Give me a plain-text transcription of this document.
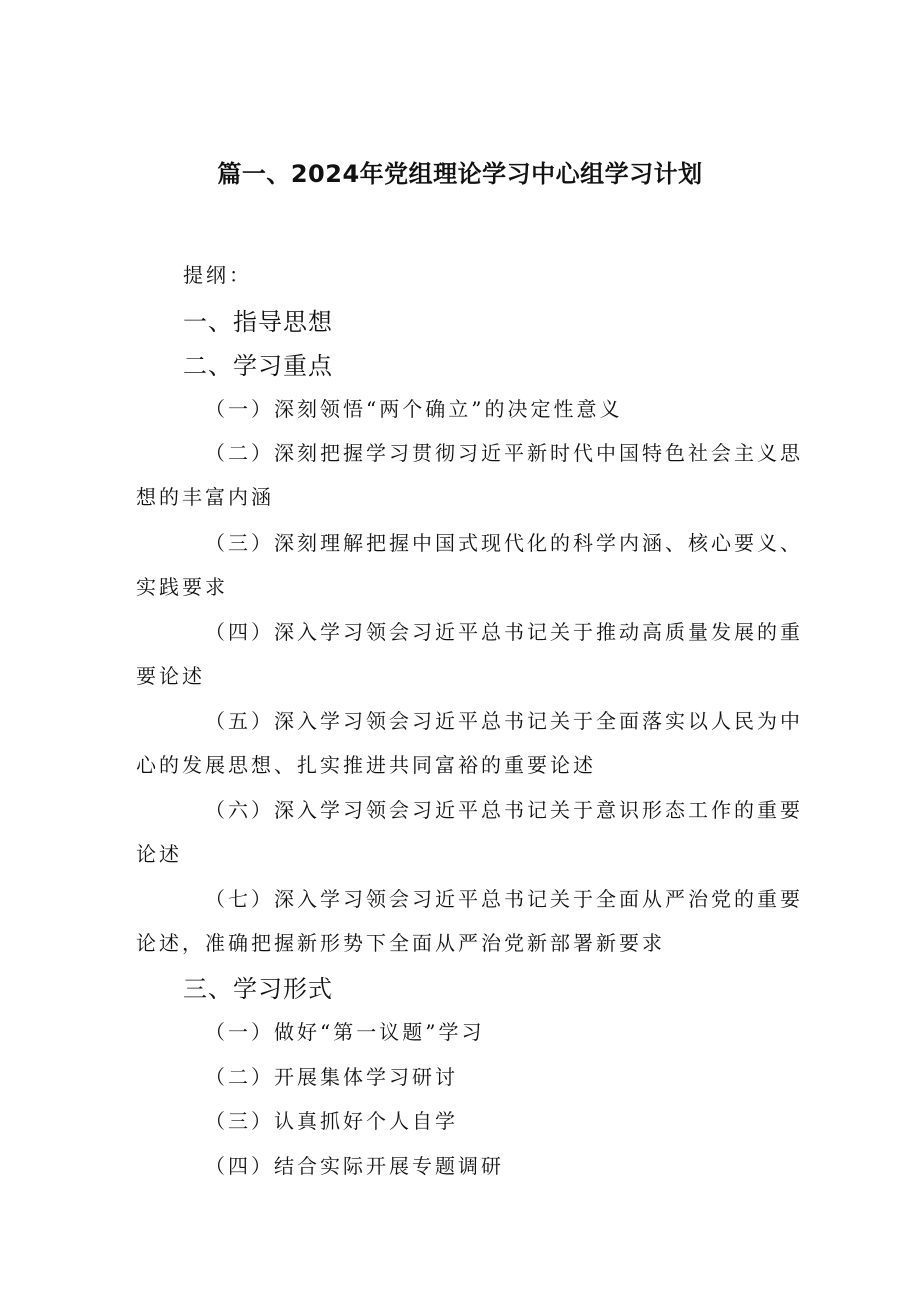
篇一、2024年党组理论学习中心组学习计划
提纲：
一、指导思想
二、学习重点
（一）深刻领悟“两个确立”的决定性意义
（二）深刻把握学习贯彻习近平新时代中国特色社会主义思
想的丰富内涵
（三）深刻理解把握中国式现代化的科学内涵、核心要义、
实践要求
（四）深入学习领会习近平总书记关于推动高质量发展的重
要论述
（五）深入学习领会习近平总书记关于全面落实以人民为中
心的发展思想、扎实推进共同富裕的重要论述
（六）深入学习领会习近平总书记关于意识形态工作的重要
论述
（七）深入学习领会习近平总书记关于全面从严治党的重要
论述，准确把握新形势下全面从严治党新部署新要求
三、学习形式
（一）做好“第一议题”学习
（二）开展集体学习研讨
（三）认真抓好个人自学
（四）结合实际开展专题调研
